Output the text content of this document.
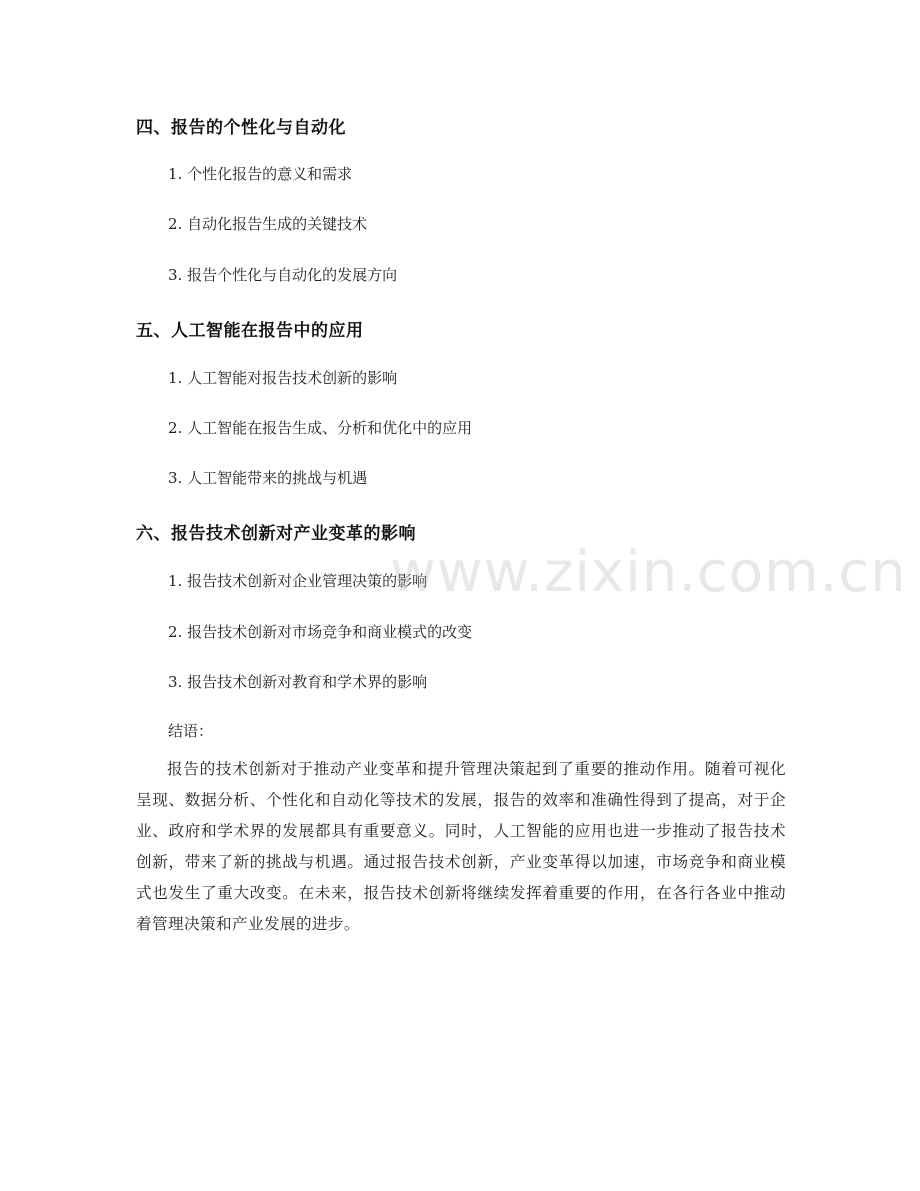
四、报告的个性化与自动化
1. 个性化报告的意义和需求
2. 自动化报告生成的关键技术
3. 报告个性化与自动化的发展方向
五、人工智能在报告中的应用
1. 人工智能对报告技术创新的影响
2. 人工智能在报告生成、分析和优化中的应用
3. 人工智能带来的挑战与机遇
六、报告技术创新对产业变革的影响
1. 报告技术创新对企业管理决策的影响
2. 报告技术创新对市场竞争和商业模式的改变
3. 报告技术创新对教育和学术界的影响
结语：

报告的技术创新对于推动产业变革和提升管理决策起到了重要的推动作用。随着可视化呈现、数据分析、个性化和自动化等技术的发展，报告的效率和准确性得到了提高，对于企业、政府和学术界的发展都具有重要意义。同时，人工智能的应用也进一步推动了报告技术创新，带来了新的挑战与机遇。通过报告技术创新，产业变革得以加速，市场竞争和商业模式也发生了重大改变。在未来，报告技术创新将继续发挥着重要的作用，在各行各业中推动着管理决策和产业发展的进步。

www.zixin.com.cn
